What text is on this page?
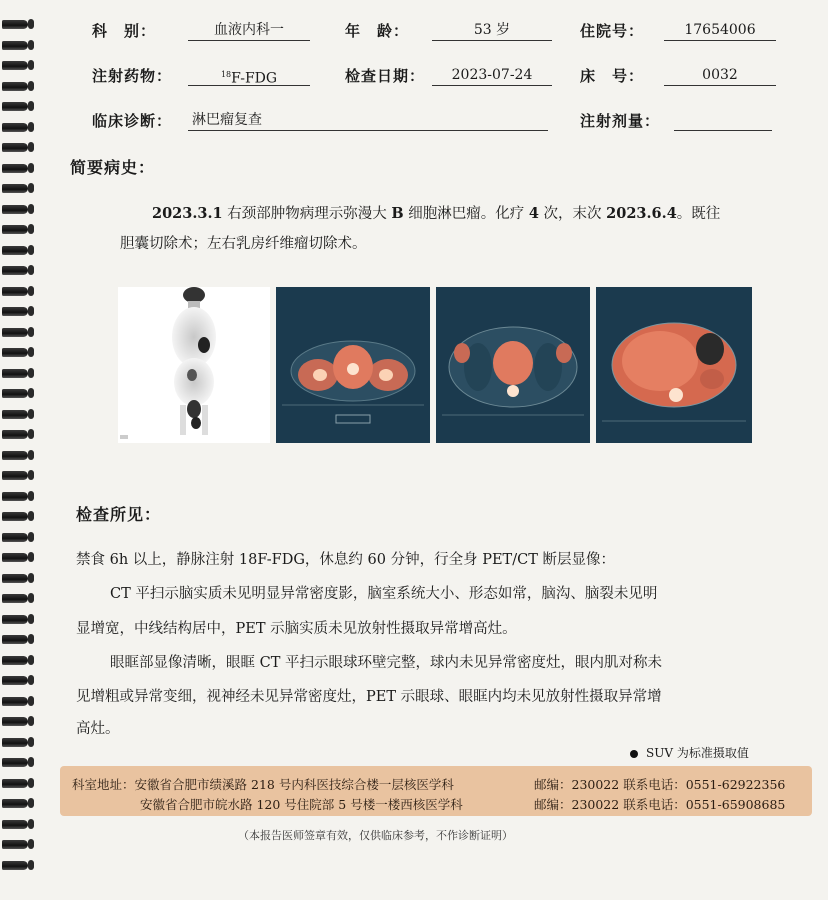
科　别：	血液内科一	年　龄：	53 岁	住院号：	17654006
注射药物：	$^{18}$F-FDG	检查日期：	2023-07-24	床　号：	0032
临床诊断： 淋巴瘤复查	注射剂量：
简要病史：
2023.3.1 右颈部肿物病理示弥漫大 B 细胞淋巴瘤。化疗 4 次，末次 2023.6.4。既往
胆囊切除术；左右乳房纤维瘤切除术。
检查所见：
禁食 6h 以上，静脉注射 18F-FDG，休息约 60 分钟，行全身 PET/CT 断层显像：
CT 平扫示脑实质未见明显异常密度影，脑室系统大小、形态如常，脑沟、脑裂未见明
显增宽，中线结构居中，PET 示脑实质未见放射性摄取异常增高灶。
眼眶部显像清晰，眼眶 CT 平扫示眼球环壁完整，球内未见异常密度灶，眼内肌对称未
见增粗或异常变细，视神经未见异常密度灶，PET 示眼球、眼眶内均未见放射性摄取异常增
高灶。
SUV 为标准摄取值
科室地址：安徽省合肥市绩溪路 218 号内科医技综合楼一层核医学科
安徽省合肥市皖水路 120 号住院部 5 号楼一楼西核医学科
邮编：230022 联系电话：0551-62922356
邮编：230022 联系电话：0551-65908685
（本报告医师签章有效，仅供临床参考，不作诊断证明）
